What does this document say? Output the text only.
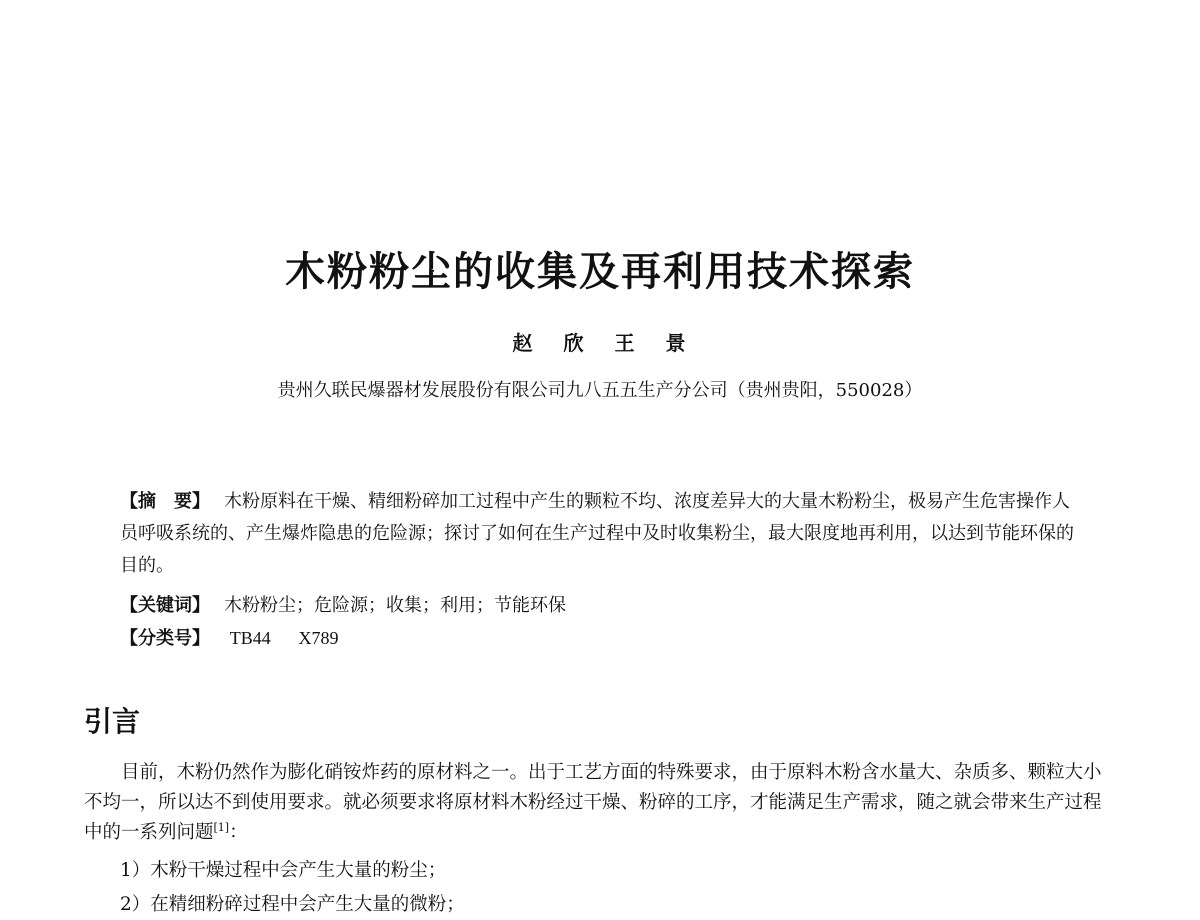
木粉粉尘的收集及再利用技术探索
赵 欣 王 景
贵州久联民爆器材发展股份有限公司九八五五生产分公司（贵州贵阳，550028）
【摘　要】 木粉原料在干燥、精细粉碎加工过程中产生的颗粒不均、浓度差异大的大量木粉粉尘，极易产生危害操作人员呼吸系统的、产生爆炸隐患的危险源；探讨了如何在生产过程中及时收集粉尘，最大限度地再利用，以达到节能环保的目的。
【关键词】 木粉粉尘；危险源；收集；利用；节能环保
【分类号】 TB44 X789
引言
目前，木粉仍然作为膨化硝铵炸药的原材料之一。出于工艺方面的特殊要求，由于原料木粉含水量大、杂质多、颗粒大小不均一，所以达不到使用要求。就必须要求将原材料木粉经过干燥、粉碎的工序，才能满足生产需求，随之就会带来生产过程中的一系列问题[1]：
1）木粉干燥过程中会产生大量的粉尘；
2）在精细粉碎过程中会产生大量的微粉；
